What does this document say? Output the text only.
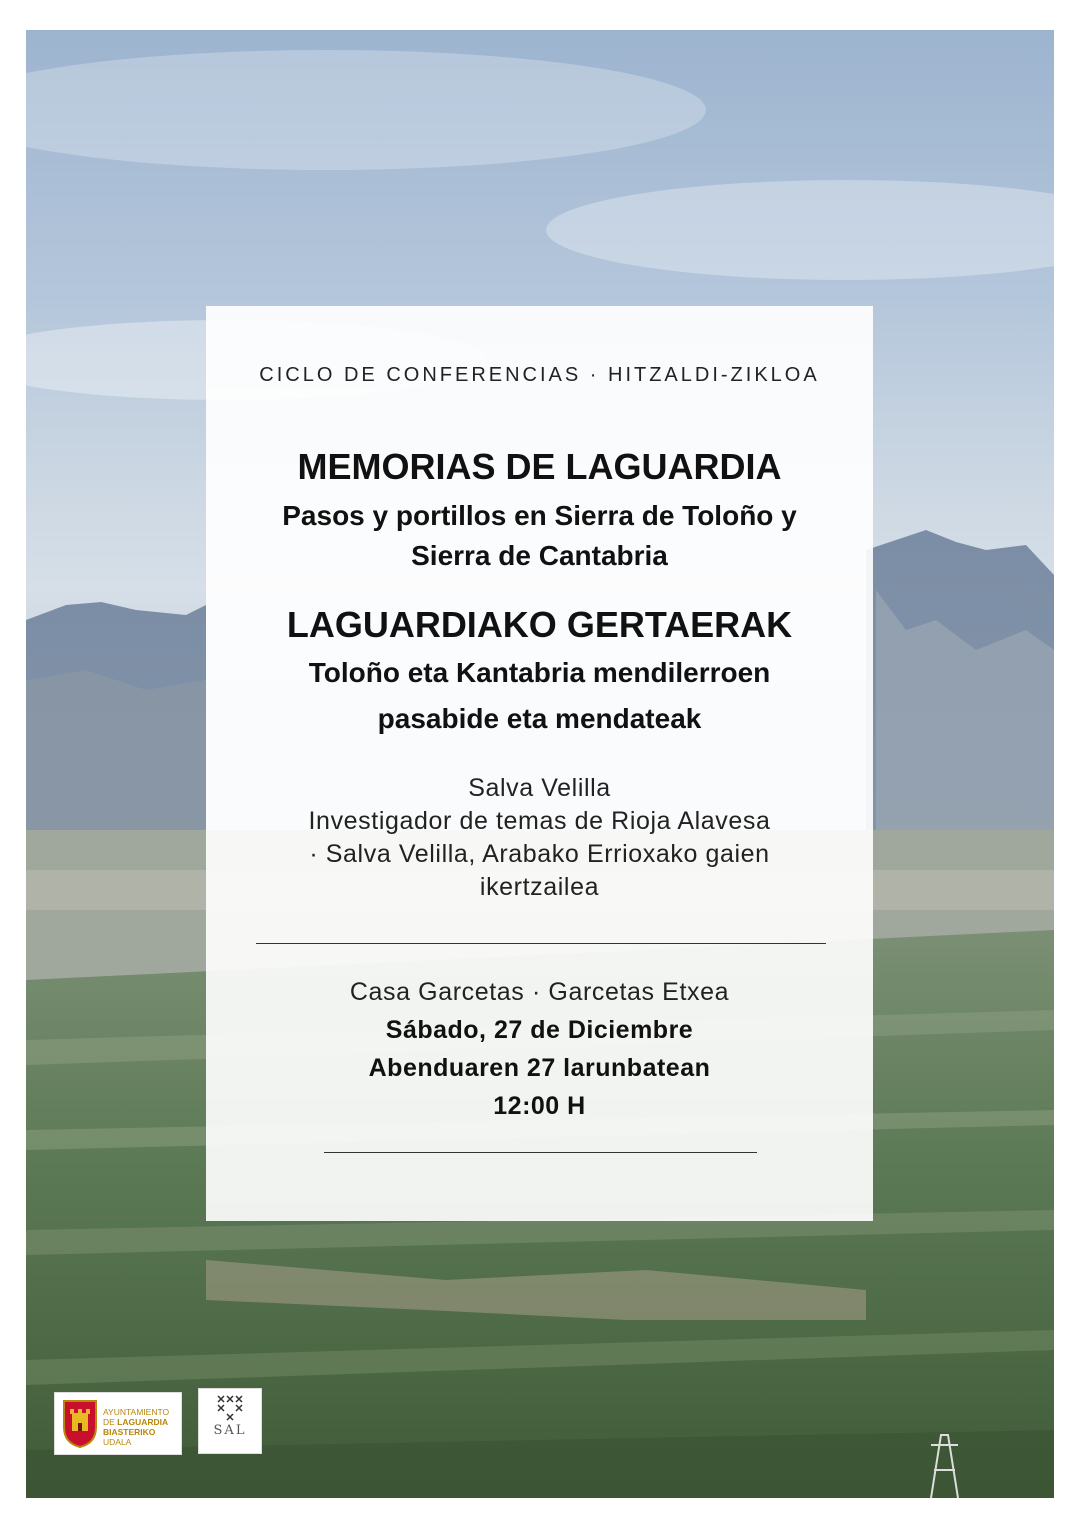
CICLO DE CONFERENCIAS · HITZALDI-ZIKLOA
MEMORIAS DE LAGUARDIA
Pasos y portillos en Sierra de Toloño y
Sierra de Cantabria
LAGUARDIAKO GERTAERAK
Toloño eta Kantabria mendilerroen
pasabide eta mendateak
Salva Velilla
Investigador de temas de Rioja Alavesa
· Salva Velilla, Arabako Errioxako gaien
ikertzailea
Casa Garcetas · Garcetas Etxea
Sábado, 27 de Diciembre
Abenduaren 27 larunbatean
12:00 H
AYUNTAMIENTO
DE LAGUARDIA
BIASTERIKO
UDALA
SAL
